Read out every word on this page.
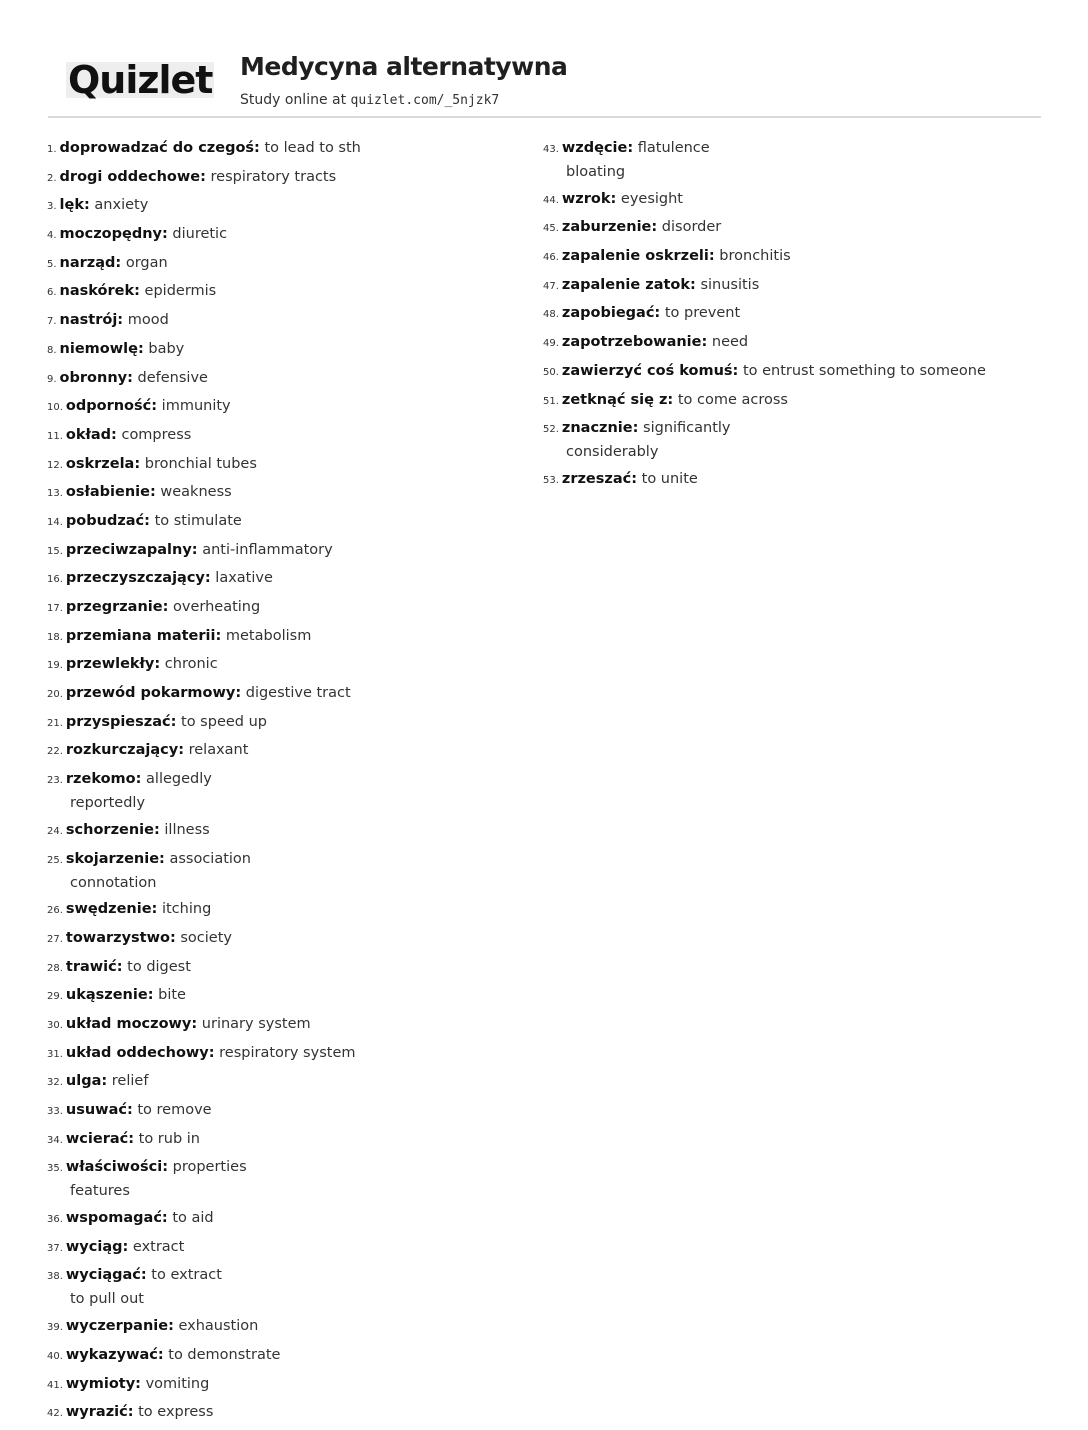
Quizlet Medycyna alternatywna
Study online at quizlet.com/_5njzk7
1. doprowadzać do czegoś: to lead to sth
2. drogi oddechowe: respiratory tracts
3. lęk: anxiety
4. moczopędny: diuretic
5. narząd: organ
6. naskórek: epidermis
7. nastrój: mood
8. niemowlę: baby
9. obronny: defensive
10. odporność: immunity
11. okład: compress
12. oskrzela: bronchial tubes
13. osłabienie: weakness
14. pobudzać: to stimulate
15. przeciwzapalny: anti-inflammatory
16. przeczyszczający: laxative
17. przegrzanie: overheating
18. przemiana materii: metabolism
19. przewlekły: chronic
20. przewód pokarmowy: digestive tract
21. przyspieszać: to speed up
22. rozkurczający: relaxant
23. rzekomo: allegedly
reportedly
24. schorzenie: illness
25. skojarzenie: association
connotation
26. swędzenie: itching
27. towarzystwo: society
28. trawić: to digest
29. ukąszenie: bite
30. układ moczowy: urinary system
31. układ oddechowy: respiratory system
32. ulga: relief
33. usuwać: to remove
34. wcierać: to rub in
35. właściwości: properties
features
36. wspomagać: to aid
37. wyciąg: extract
38. wyciągać: to extract
to pull out
39. wyczerpanie: exhaustion
40. wykazywać: to demonstrate
41. wymioty: vomiting
42. wyrazić: to express
43. wzdęcie: flatulence
bloating
44. wzrok: eyesight
45. zaburzenie: disorder
46. zapalenie oskrzeli: bronchitis
47. zapalenie zatok: sinusitis
48. zapobiegać: to prevent
49. zapotrzebowanie: need
50. zawierzyć coś komuś: to entrust something to someone
51. zetknąć się z: to come across
52. znacznie: significantly
considerably
53. zrzeszać: to unite
